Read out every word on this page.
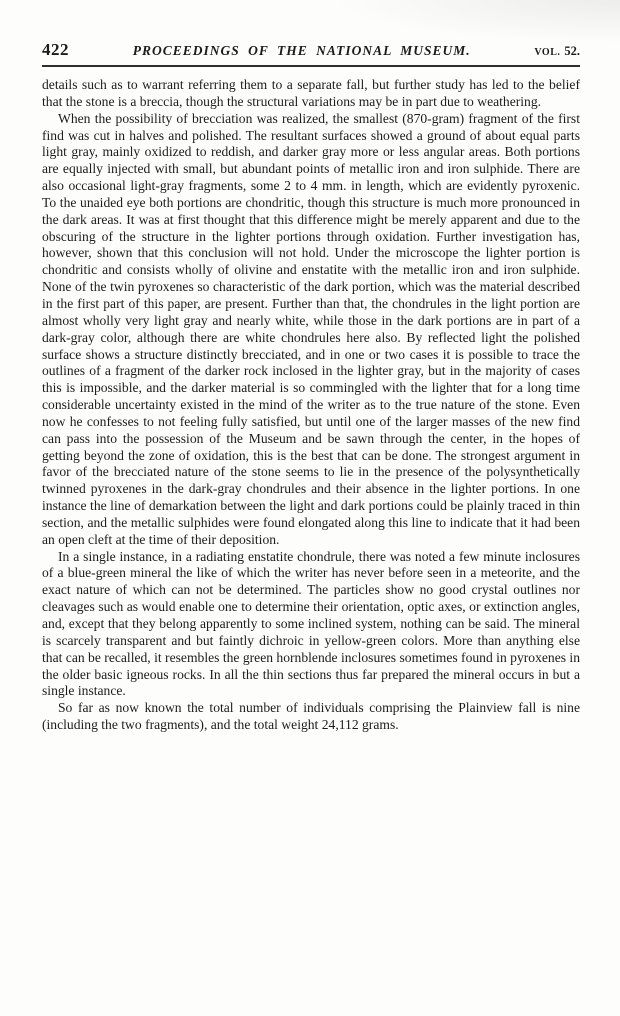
422	PROCEEDINGS OF THE NATIONAL MUSEUM.	VOL. 52.

details such as to warrant referring them to a separate fall, but further study has led to the belief that the stone is a breccia, though the structural variations may be in part due to weathering.

When the possibility of brecciation was realized, the smallest (870-gram) fragment of the first find was cut in halves and polished. The resultant surfaces showed a ground of about equal parts light gray, mainly oxidized to reddish, and darker gray more or less angular areas. Both portions are equally injected with small, but abundant points of metallic iron and iron sulphide. There are also occasional light-gray fragments, some 2 to 4 mm. in length, which are evidently pyroxenic. To the unaided eye both portions are chondritic, though this structure is much more pronounced in the dark areas. It was at first thought that this difference might be merely apparent and due to the obscuring of the structure in the lighter portions through oxidation. Further investigation has, however, shown that this conclusion will not hold. Under the microscope the lighter portion is chondritic and consists wholly of olivine and enstatite with the metallic iron and iron sulphide. None of the twin pyroxenes so characteristic of the dark portion, which was the material described in the first part of this paper, are present. Further than that, the chondrules in the light portion are almost wholly very light gray and nearly white, while those in the dark portions are in part of a dark-gray color, although there are white chondrules here also. By reflected light the polished surface shows a structure distinctly brecciated, and in one or two cases it is possible to trace the outlines of a fragment of the darker rock inclosed in the lighter gray, but in the majority of cases this is impossible, and the darker material is so commingled with the lighter that for a long time considerable uncertainty existed in the mind of the writer as to the true nature of the stone. Even now he confesses to not feeling fully satisfied, but until one of the larger masses of the new find can pass into the possession of the Museum and be sawn through the center, in the hopes of getting beyond the zone of oxidation, this is the best that can be done. The strongest argument in favor of the brecciated nature of the stone seems to lie in the presence of the polysynthetically twinned pyroxenes in the dark-gray chondrules and their absence in the lighter portions. In one instance the line of demarkation between the light and dark portions could be plainly traced in thin section, and the metallic sulphides were found elongated along this line to indicate that it had been an open cleft at the time of their deposition.

In a single instance, in a radiating enstatite chondrule, there was noted a few minute inclosures of a blue-green mineral the like of which the writer has never before seen in a meteorite, and the exact nature of which can not be determined. The particles show no good crystal outlines nor cleavages such as would enable one to determine their orientation, optic axes, or extinction angles, and, except that they belong apparently to some inclined system, nothing can be said. The mineral is scarcely transparent and but faintly dichroic in yellow-green colors. More than anything else that can be recalled, it resembles the green hornblende inclosures sometimes found in pyroxenes in the older basic igneous rocks. In all the thin sections thus far prepared the mineral occurs in but a single instance.

So far as now known the total number of individuals comprising the Plainview fall is nine (including the two fragments), and the total weight 24,112 grams.
